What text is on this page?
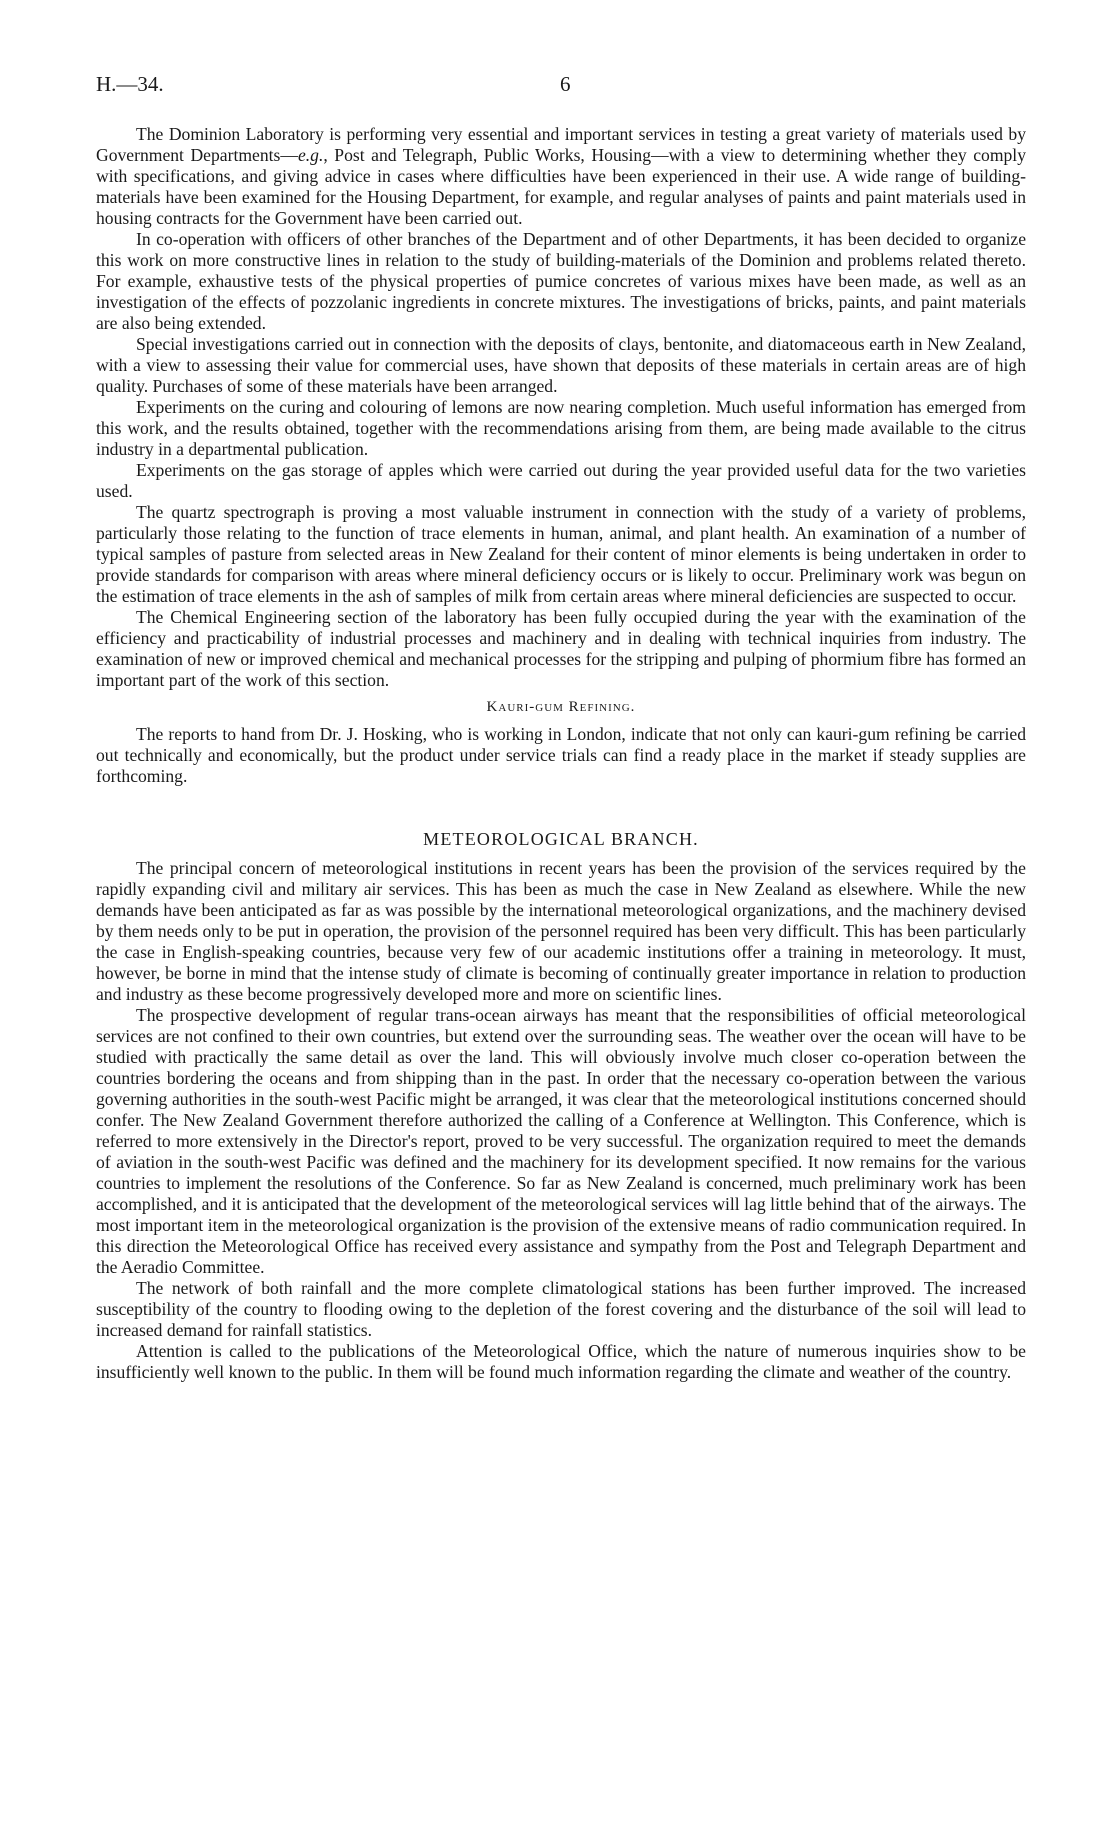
H.—34.	6

The Dominion Laboratory is performing very essential and important services in testing a great variety of materials used by Government Departments—e.g., Post and Telegraph, Public Works, Housing—with a view to determining whether they comply with specifications, and giving advice in cases where difficulties have been experienced in their use. A wide range of building-materials have been examined for the Housing Department, for example, and regular analyses of paints and paint materials used in housing contracts for the Government have been carried out.

In co-operation with officers of other branches of the Department and of other Departments, it has been decided to organize this work on more constructive lines in relation to the study of building-materials of the Dominion and problems related thereto. For example, exhaustive tests of the physical properties of pumice concretes of various mixes have been made, as well as an investigation of the effects of pozzolanic ingredients in concrete mixtures. The investigations of bricks, paints, and paint materials are also being extended.

Special investigations carried out in connection with the deposits of clays, bentonite, and diatomaceous earth in New Zealand, with a view to assessing their value for commercial uses, have shown that deposits of these materials in certain areas are of high quality. Purchases of some of these materials have been arranged.

Experiments on the curing and colouring of lemons are now nearing completion. Much useful information has emerged from this work, and the results obtained, together with the recommendations arising from them, are being made available to the citrus industry in a departmental publication.

Experiments on the gas storage of apples which were carried out during the year provided useful data for the two varieties used.

The quartz spectrograph is proving a most valuable instrument in connection with the study of a variety of problems, particularly those relating to the function of trace elements in human, animal, and plant health. An examination of a number of typical samples of pasture from selected areas in New Zealand for their content of minor elements is being undertaken in order to provide standards for comparison with areas where mineral deficiency occurs or is likely to occur. Preliminary work was begun on the estimation of trace elements in the ash of samples of milk from certain areas where mineral deficiencies are suspected to occur.

The Chemical Engineering section of the laboratory has been fully occupied during the year with the examination of the efficiency and practicability of industrial processes and machinery and in dealing with technical inquiries from industry. The examination of new or improved chemical and mechanical processes for the stripping and pulping of phormium fibre has formed an important part of the work of this section.

Kauri-gum Refining.

The reports to hand from Dr. J. Hosking, who is working in London, indicate that not only can kauri-gum refining be carried out technically and economically, but the product under service trials can find a ready place in the market if steady supplies are forthcoming.

METEOROLOGICAL BRANCH.

The principal concern of meteorological institutions in recent years has been the provision of the services required by the rapidly expanding civil and military air services. This has been as much the case in New Zealand as elsewhere. While the new demands have been anticipated as far as was possible by the international meteorological organizations, and the machinery devised by them needs only to be put in operation, the provision of the personnel required has been very difficult. This has been particularly the case in English-speaking countries, because very few of our academic institutions offer a training in meteorology. It must, however, be borne in mind that the intense study of climate is becoming of continually greater importance in relation to production and industry as these become progressively developed more and more on scientific lines.

The prospective development of regular trans-ocean airways has meant that the responsibilities of official meteorological services are not confined to their own countries, but extend over the surrounding seas. The weather over the ocean will have to be studied with practically the same detail as over the land. This will obviously involve much closer co-operation between the countries bordering the oceans and from shipping than in the past. In order that the necessary co-operation between the various governing authorities in the south-west Pacific might be arranged, it was clear that the meteorological institutions concerned should confer. The New Zealand Government therefore authorized the calling of a Conference at Wellington. This Conference, which is referred to more extensively in the Director's report, proved to be very successful. The organization required to meet the demands of aviation in the south-west Pacific was defined and the machinery for its development specified. It now remains for the various countries to implement the resolutions of the Conference. So far as New Zealand is concerned, much preliminary work has been accomplished, and it is anticipated that the development of the meteorological services will lag little behind that of the airways. The most important item in the meteorological organization is the provision of the extensive means of radio communication required. In this direction the Meteorological Office has received every assistance and sympathy from the Post and Telegraph Department and the Aeradio Committee.

The network of both rainfall and the more complete climatological stations has been further improved. The increased susceptibility of the country to flooding owing to the depletion of the forest covering and the disturbance of the soil will lead to increased demand for rainfall statistics.

Attention is called to the publications of the Meteorological Office, which the nature of numerous inquiries show to be insufficiently well known to the public. In them will be found much information regarding the climate and weather of the country.
